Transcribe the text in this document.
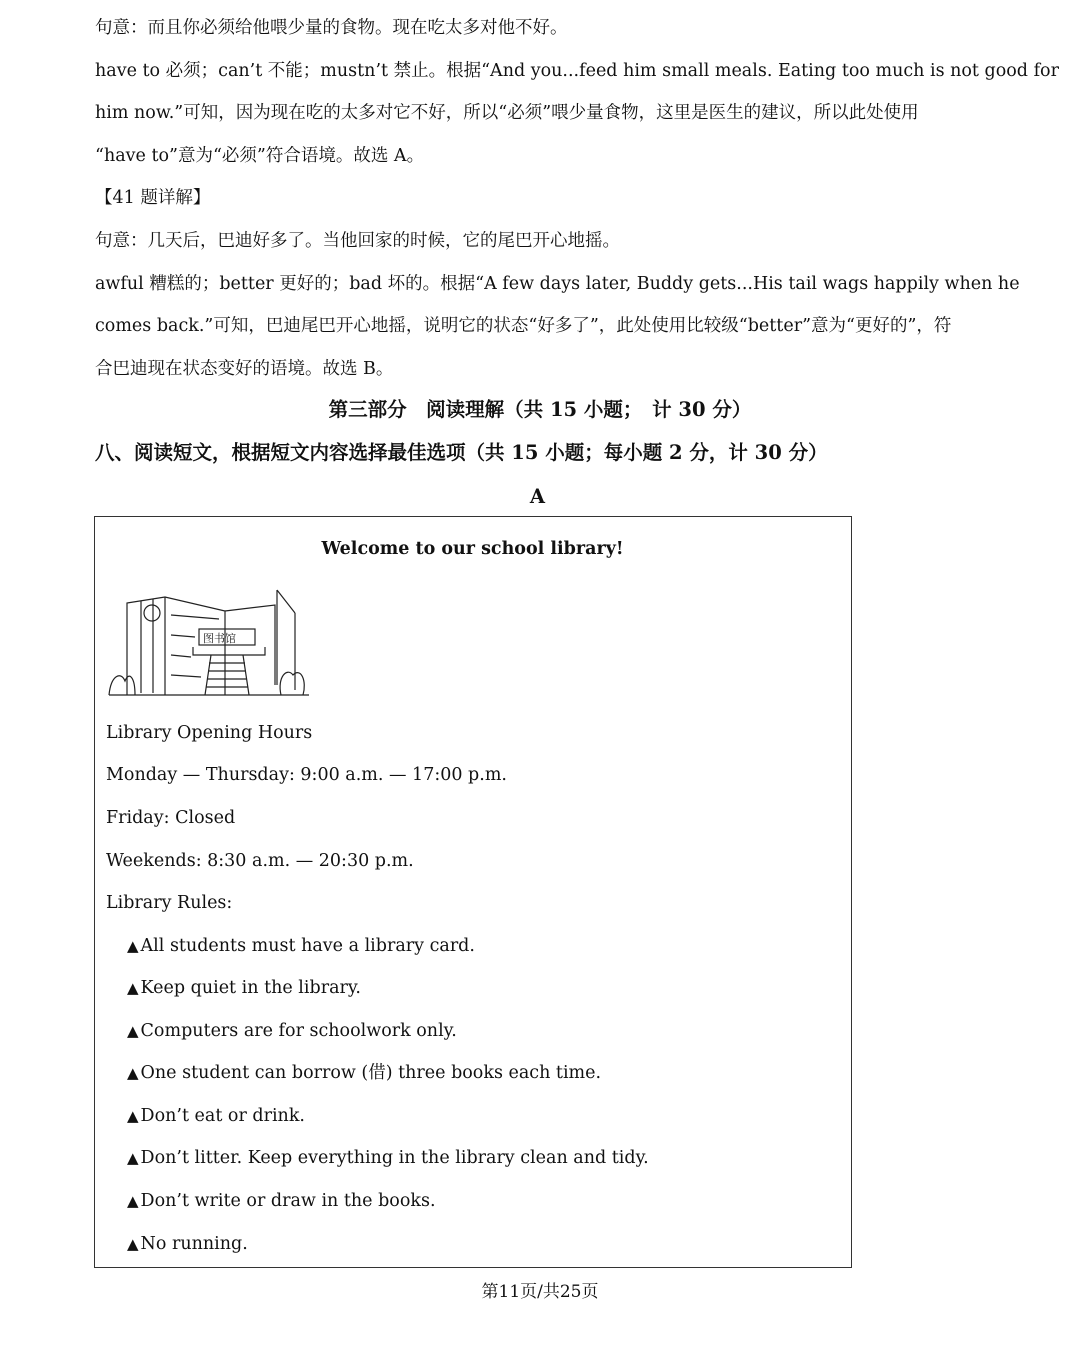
句意：而且你必须给他喂少量的食物。现在吃太多对他不好。
have to 必须；can’t 不能；mustn’t 禁止。根据“And you...feed him small meals. Eating too much is not good for
him now.”可知，因为现在吃的太多对它不好，所以“必须”喂少量食物，这里是医生的建议，所以此处使用
“have to”意为“必须”符合语境。故选 A。
【41 题详解】
句意：几天后，巴迪好多了。当他回家的时候，它的尾巴开心地摇。
awful 糟糕的；better 更好的；bad 坏的。根据“A few days later, Buddy gets...His tail wags happily when he
comes back.”可知，巴迪尾巴开心地摇，说明它的状态“好多了”，此处使用比较级“better”意为“更好的”，符
合巴迪现在状态变好的语境。故选 B。
第三部分　阅读理解（共 15 小题；　计 30 分）
八、阅读短文，根据短文内容选择最佳选项（共 15 小题；每小题 2 分，计 30 分）
A
Welcome to our school library!
图书馆
Library Opening Hours
Monday — Thursday: 9:00 a.m. — 17:00 p.m.
Friday: Closed
Weekends: 8:30 a.m. — 20:30 p.m.
Library Rules:
▲ All students must have a library card.
▲ Keep quiet in the library.
▲ Computers are for schoolwork only.
▲ One student can borrow (借) three books each time.
▲ Don’t eat or drink.
▲ Don’t litter. Keep everything in the library clean and tidy.
▲ Don’t write or draw in the books.
▲ No running.
第11页/共25页
